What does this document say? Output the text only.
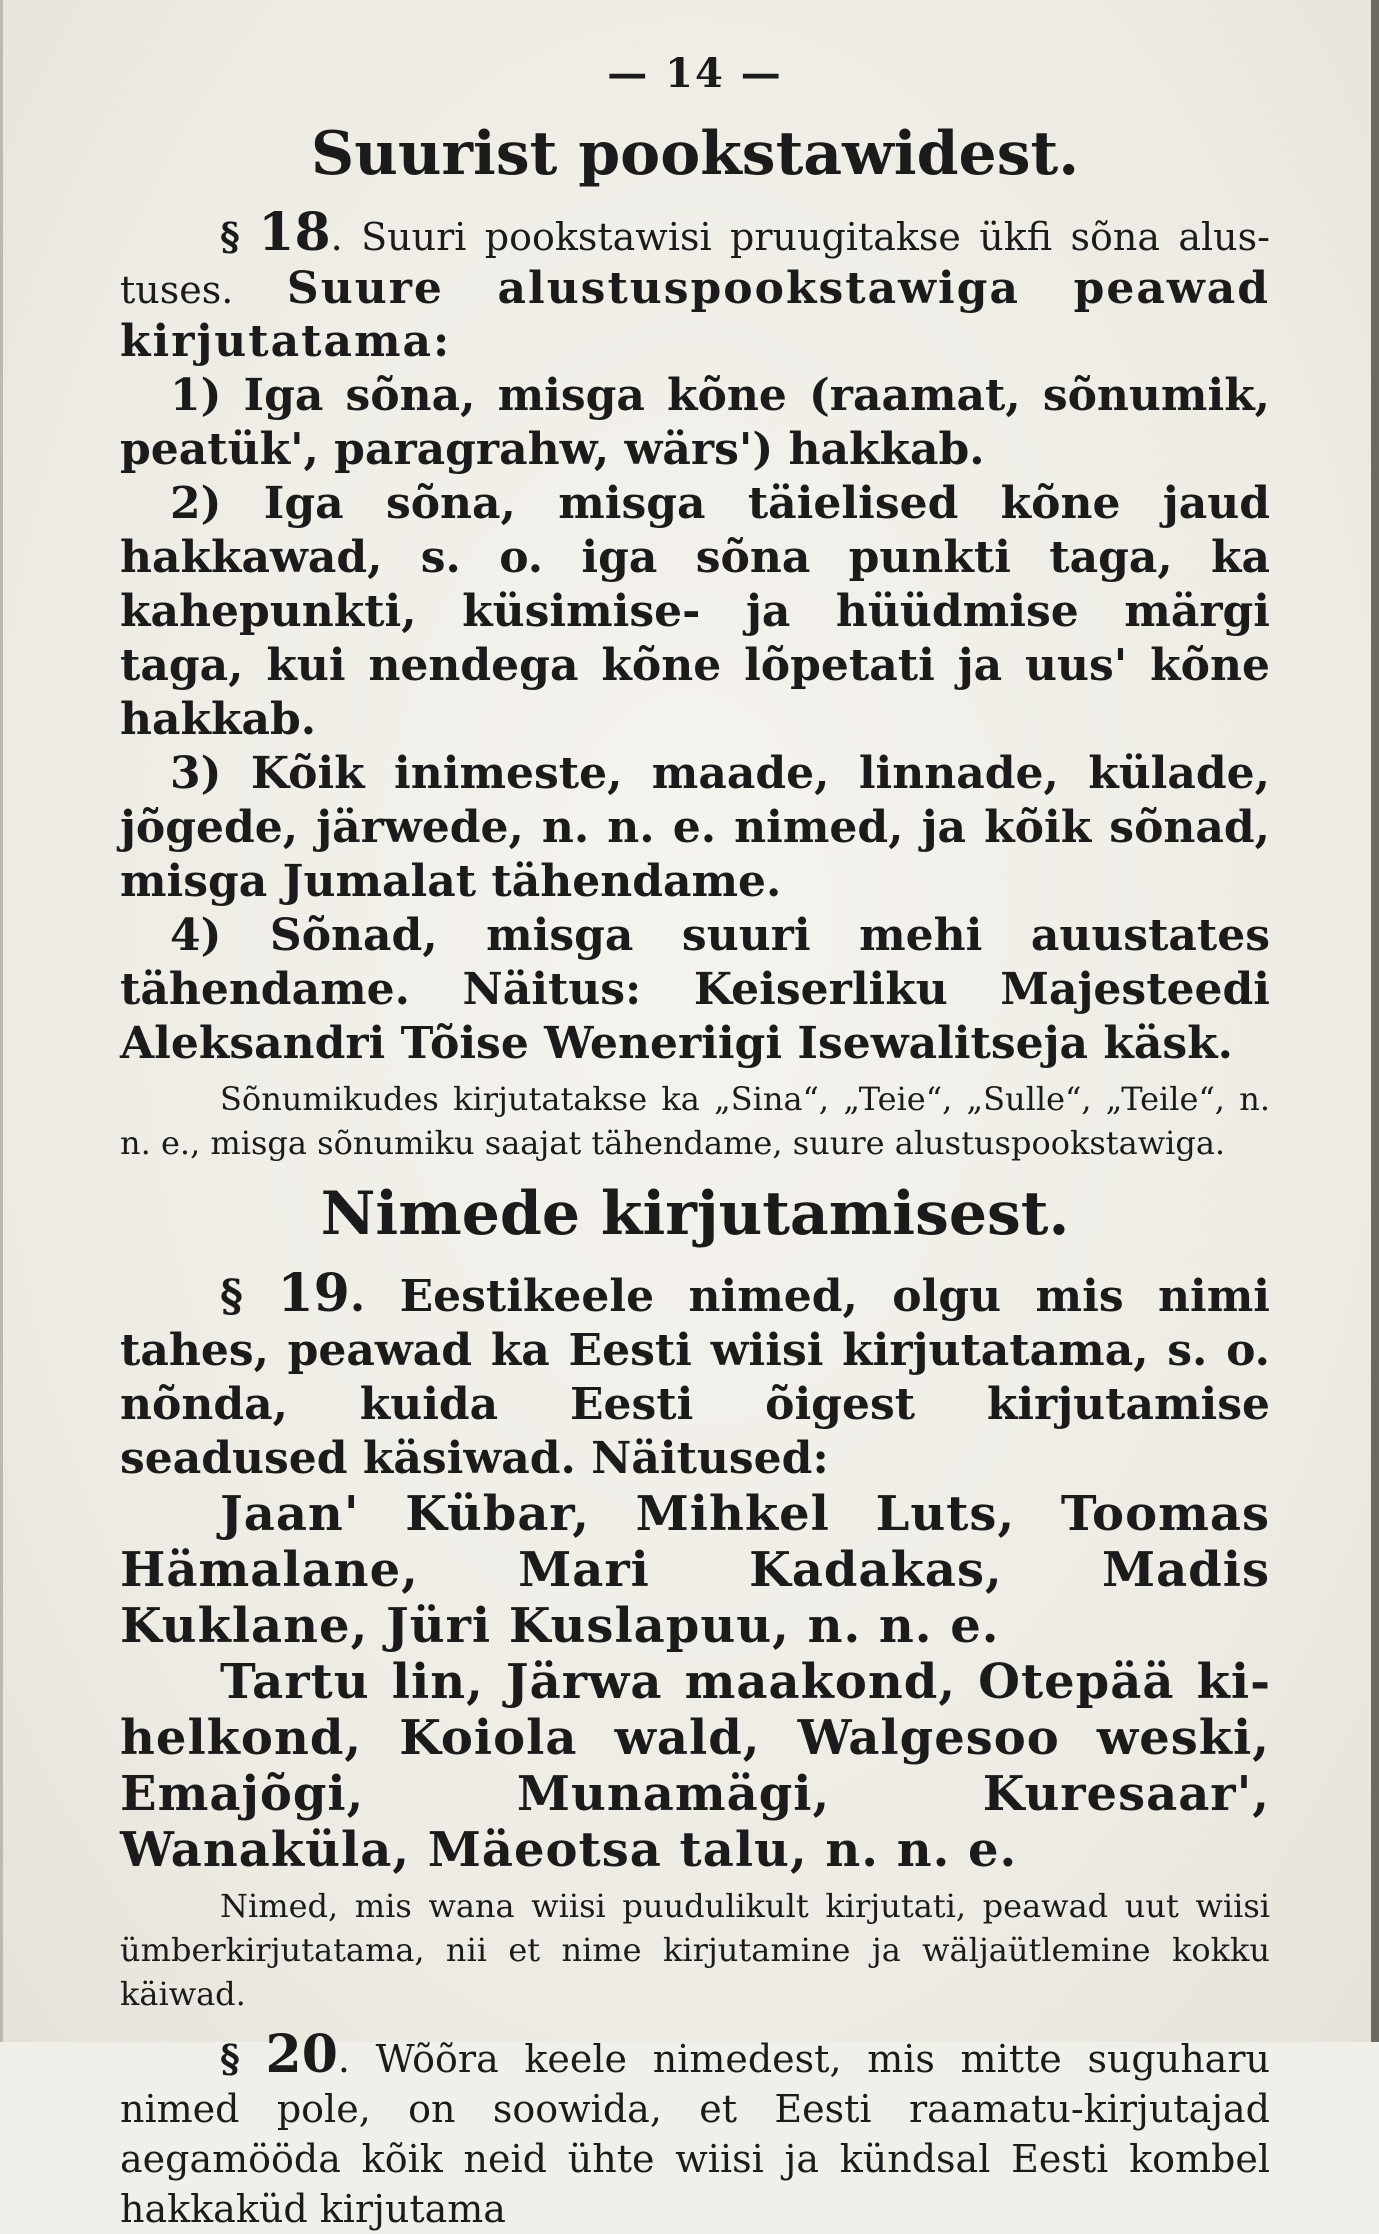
— 14 —
Suurist pookstawidest.

§ 18. Suuri pookstawisi pruugitakse ükfi sõna alustuses. Suure alustuspookstawiga peawad kirjutatama:

1) Iga sõna, misga kõne (raamat, sõnumik, peatük', paragrahw, wärs') hakkab.

2) Iga sõna, misga täielised kõne jaud hakkawad, s. o. iga sõna punkti taga, ka kahepunkti, küsimise- ja hüüdmise märgi taga, kui nendega kõne lõpetati ja uus' kõne hakkab.

3) Kõik inimeste, maade, linnade, külade, jõgede, järwede, n. n. e. nimed, ja kõik sõnad, misga Jumalat tähendame.

4) Sõnad, misga suuri mehi auustates tähendame. Näitus: Keiserliku Majesteedi Aleksandri Tõise Weneriigi Isewalitseja käsk.

Sõnumikudes kirjutatakse ka „Sina“, „Teie“, „Sulle“, „Teile“, n. n. e., misga sõnumiku saajat tähendame, suure alustuspookstawiga.

Nimede kirjutamisest.

§ 19. Eestikeele nimed, olgu mis nimi tahes, peawad ka Eesti wiisi kirjutatama, s. o. nõnda, kuida Eesti õigest kirjutamise seadused käsiwad. Näitused:

Jaan' Kübar, Mihkel Luts, Toomas Hämalane, Mari Kadakas, Madis Kuklane, Jüri Kuslapuu, n. n. e.

Tartu lin, Järwa maakond, Otepää kihelkond, Koiola wald, Walgesoo weski, Emajõgi, Munamägi, Kuresaar', Wanaküla, Mäeotsa talu, n. n. e.

Nimed, mis wana wiisi puudulikult kirjutati, peawad uut wiisi ümberkirjutatama, nii et nime kirjutamine ja wäljaütlemine kokku käiwad.

§ 20. Wõõra keele nimedest, mis mitte suguharu nimed pole, on soowida, et Eesti raamatu-kirjutajad aegamööda kõik neid ühte wiisi ja kündsal Eesti kombel hakkaküd kirjutama
